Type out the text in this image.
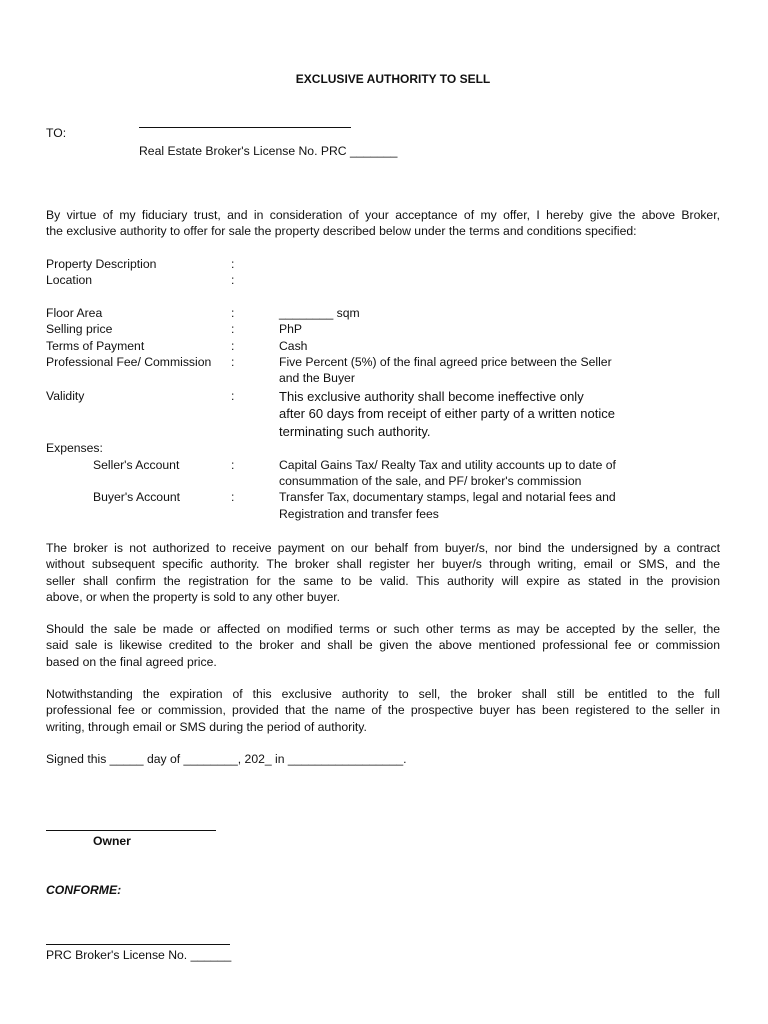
EXCLUSIVE AUTHORITY TO SELL
TO:
Real Estate Broker's License No. PRC _______
By virtue of my fiduciary trust, and in consideration of your acceptance of my offer, I hereby give the above Broker,
the exclusive authority to offer for sale the property described below under the terms and conditions specified:
Property Description	:
Location	:
Floor Area	:	________ sqm
Selling price	:	PhP
Terms of Payment	:	Cash
Professional Fee/ Commission :	Five Percent (5%) of the final agreed price between the Seller
and the Buyer
Validity	:	This exclusive authority shall become ineffective only
after 60 days from receipt of either party of a written notice
terminating such authority.
Expenses:
Seller's Account	:	Capital Gains Tax/ Realty Tax and utility accounts up to date of
consummation of the sale, and PF/ broker's commission
Buyer's Account	:	Transfer Tax, documentary stamps, legal and notarial fees and
Registration and transfer fees
The broker is not authorized to receive payment on our behalf from buyer/s, nor bind the undersigned by a contract
without subsequent specific authority. The broker shall register her buyer/s through writing, email or SMS, and the
seller shall confirm the registration for the same to be valid. This authority will expire as stated in the provision
above, or when the property is sold to any other buyer.
Should the sale be made or affected on modified terms or such other terms as may be accepted by the seller, the
said sale is likewise credited to the broker and shall be given the above mentioned professional fee or commission
based on the final agreed price.
Notwithstanding the expiration of this exclusive authority to sell, the broker shall still be entitled to the full
professional fee or commission, provided that the name of the prospective buyer has been registered to the seller in
writing, through email or SMS during the period of authority.
Signed this _____ day of ________, 202_ in _________________.
Owner
CONFORME:
PRC Broker's License No. ______
